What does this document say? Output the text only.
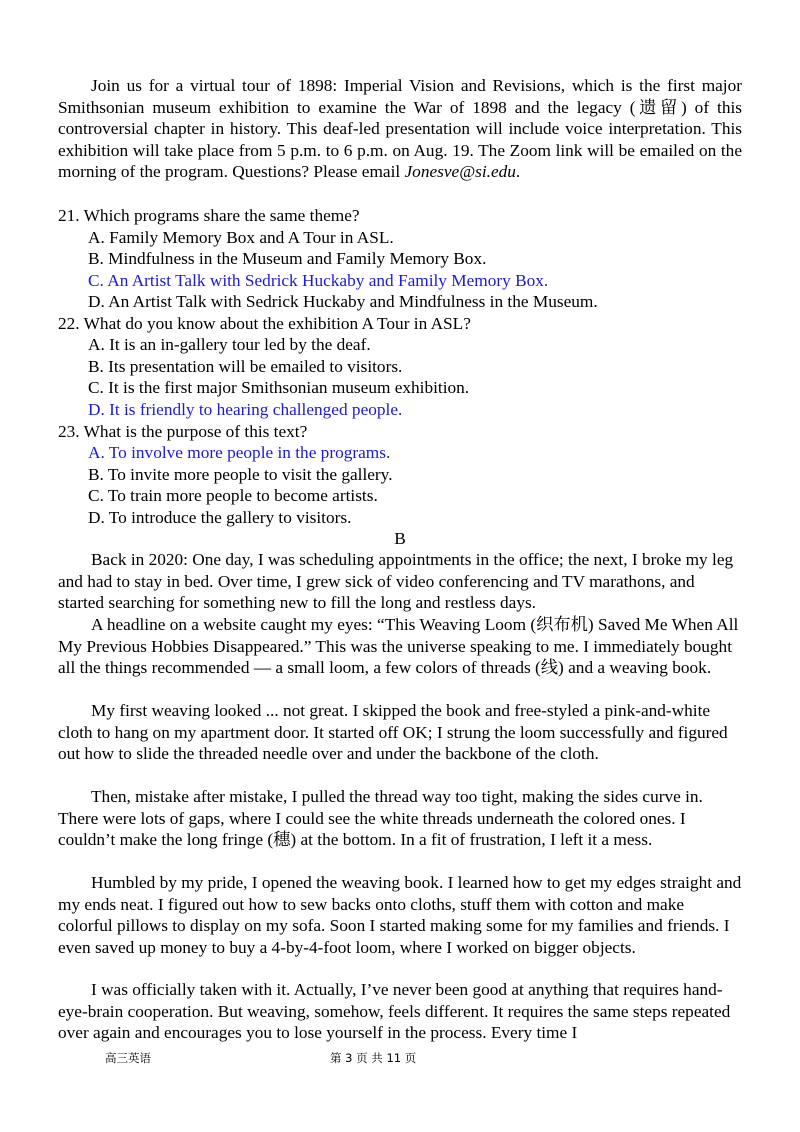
Join us for a virtual tour of 1898: Imperial Vision and Revisions, which is the first major Smithsonian museum exhibition to examine the War of 1898 and the legacy (遗留) of this controversial chapter in history. This deaf-led presentation will include voice interpretation. This exhibition will take place from 5 p.m. to 6 p.m. on Aug. 19. The Zoom link will be emailed on the morning of the program. Questions? Please email Jonesve@si.edu.

21. Which programs share the same theme?

A. Family Memory Box and A Tour in ASL.

B. Mindfulness in the Museum and Family Memory Box.

C. An Artist Talk with Sedrick Huckaby and Family Memory Box.

D. An Artist Talk with Sedrick Huckaby and Mindfulness in the Museum.

22. What do you know about the exhibition A Tour in ASL?

A. It is an in-gallery tour led by the deaf.

B. Its presentation will be emailed to visitors.

C. It is the first major Smithsonian museum exhibition.

D. It is friendly to hearing challenged people.

23. What is the purpose of this text?

A. To involve more people in the programs.

B. To invite more people to visit the gallery.

C. To train more people to become artists.

D. To introduce the gallery to visitors.

B

Back in 2020: One day, I was scheduling appointments in the office; the next, I broke my leg and had to stay in bed. Over time, I grew sick of video conferencing and TV marathons, and started searching for something new to fill the long and restless days.

A headline on a website caught my eyes: “This Weaving Loom (织布机) Saved Me When All My Previous Hobbies Disappeared.” This was the universe speaking to me. I immediately bought all the things recommended — a small loom, a few colors of threads (线) and a weaving book.

My first weaving looked ... not great. I skipped the book and free-styled a pink-and-white cloth to hang on my apartment door. It started off OK; I strung the loom successfully and figured out how to slide the threaded needle over and under the backbone of the cloth.

Then, mistake after mistake, I pulled the thread way too tight, making the sides curve in. There were lots of gaps, where I could see the white threads underneath the colored ones. I couldn’t make the long fringe (穗) at the bottom. In a fit of frustration, I left it a mess.

Humbled by my pride, I opened the weaving book. I learned how to get my edges straight and my ends neat. I figured out how to sew backs onto cloths, stuff them with cotton and make colorful pillows to display on my sofa. Soon I started making some for my families and friends. I even saved up money to buy a 4-by-4-foot loom, where I worked on bigger objects.

I was officially taken with it. Actually, I’ve never been good at anything that requires hand-eye-brain cooperation. But weaving, somehow, feels different. It requires the same steps repeated over again and encourages you to lose yourself in the process. Every time I

高三英语	第 3 页 共 11 页
